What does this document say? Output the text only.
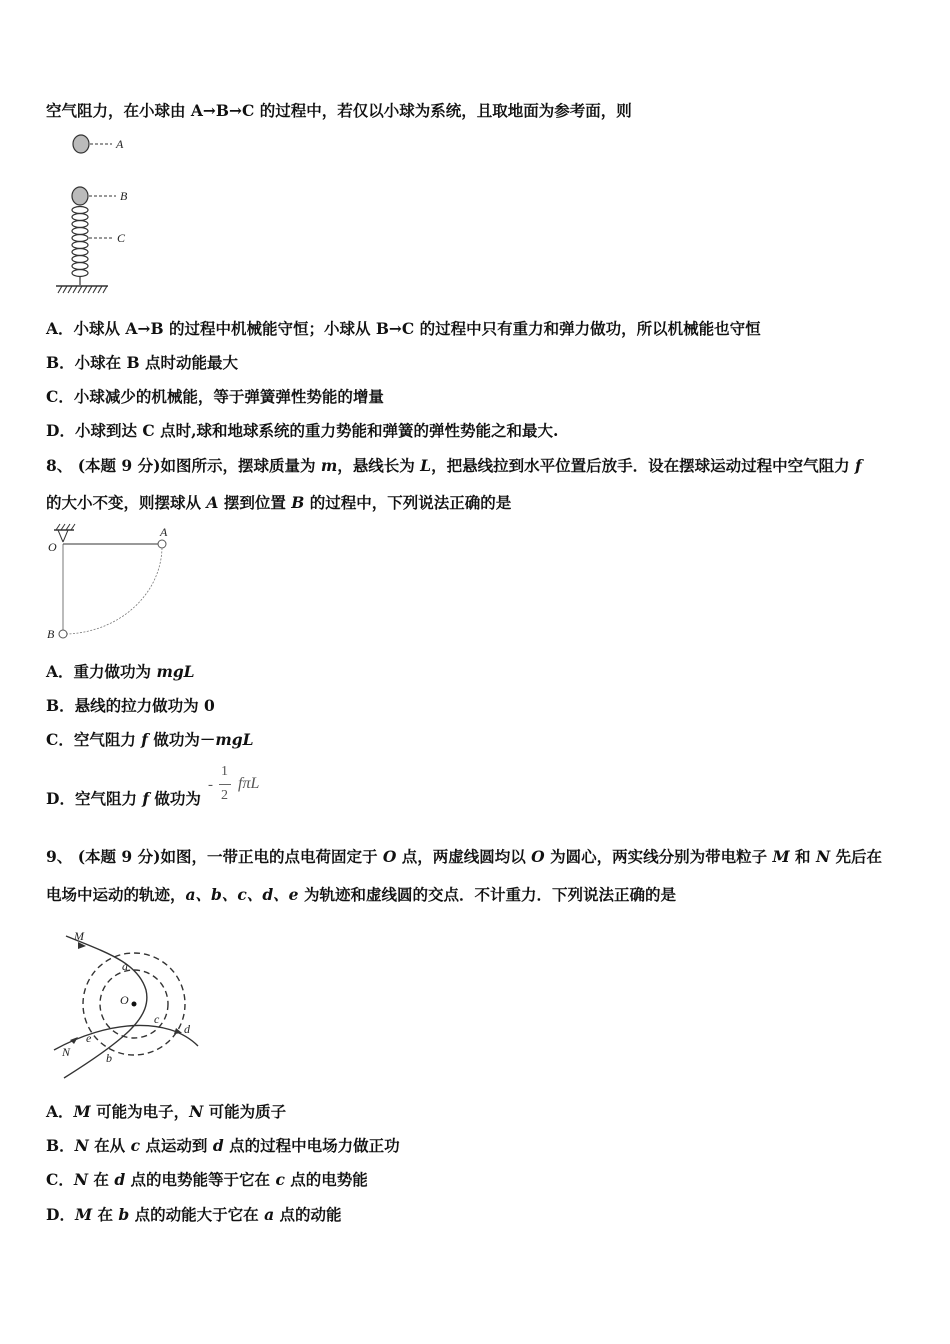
空气阻力，在小球由 A→B→C 的过程中，若仅以小球为系统，且取地面为参考面，则
A
B
C
A．小球从 A→B 的过程中机械能守恒；小球从 B→C 的过程中只有重力和弹力做功，所以机械能也守恒
B．小球在 B 点时动能最大
C．小球减少的机械能，等于弹簧弹性势能的增量
D．小球到达 C 点时,球和地球系统的重力势能和弹簧的弹性势能之和最大.
8、 (本题 9 分)如图所示，摆球质量为 m，悬线长为 L，把悬线拉到水平位置后放手．设在摆球运动过程中空气阻力 f
的大小不变，则摆球从 A 摆到位置 B 的过程中，下列说法正确的是
O
A
B
A．重力做功为 mgL
B．悬线的拉力做功为 0
C．空气阻力 f 做功为－mgL
D．空气阻力 f 做功为
-
1
2
fπL
9、 (本题 9 分)如图，一带正电的点电荷固定于 O 点，两虚线圆均以 O 为圆心，两实线分别为带电粒子 M 和 N 先后在
电场中运动的轨迹，a、b、c、d、e 为轨迹和虚线圆的交点．不计重力．下列说法正确的是
O
M
a
N
c
d
e
b
A．M 可能为电子，N 可能为质子
B．N 在从 c 点运动到 d 点的过程中电场力做正功
C．N 在 d 点的电势能等于它在 c 点的电势能
D．M 在 b 点的动能大于它在 a 点的动能
